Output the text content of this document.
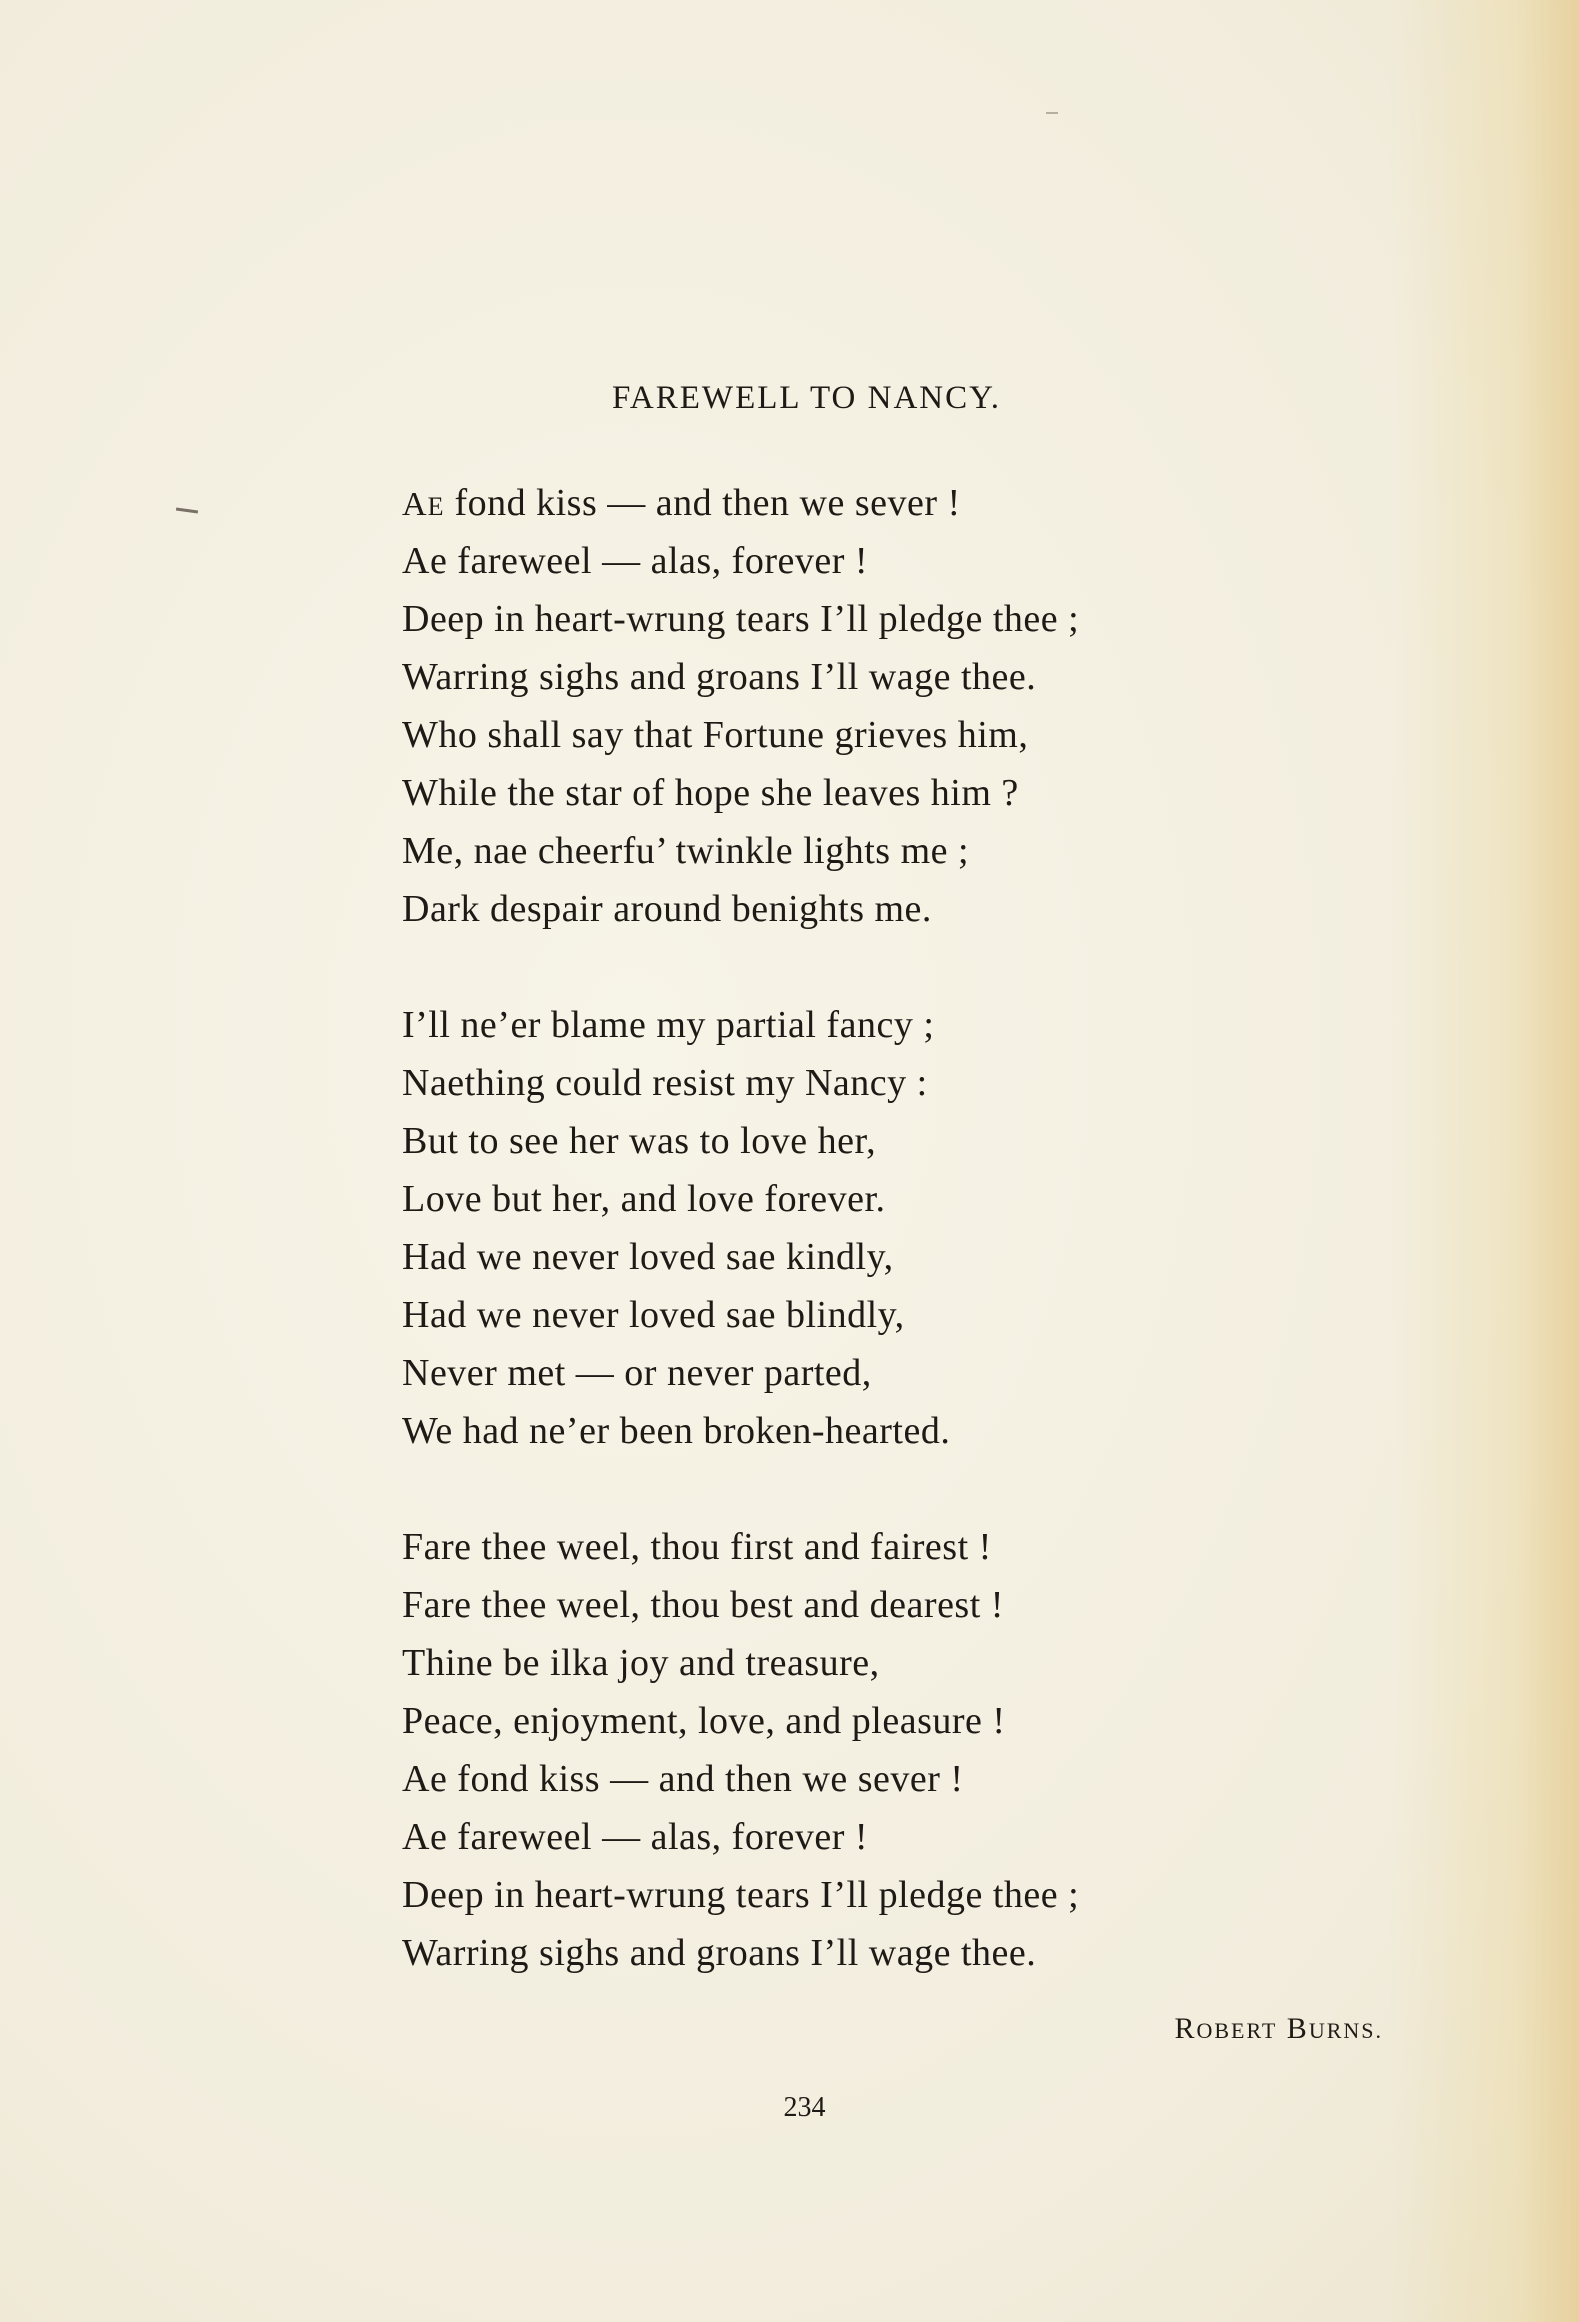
FAREWELL TO NANCY.
AE fond kiss — and then we sever !
Ae fareweel — alas, forever !
Deep in heart-wrung tears I’ll pledge thee ;
Warring sighs and groans I’ll wage thee.
Who shall say that Fortune grieves him,
While the star of hope she leaves him ?
Me, nae cheerfu’ twinkle lights me ;
Dark despair around benights me.
I’ll ne’er blame my partial fancy ;
Naething could resist my Nancy :
But to see her was to love her,
Love but her, and love forever.
Had we never loved sae kindly,
Had we never loved sae blindly,
Never met — or never parted,
We had ne’er been broken-hearted.
Fare thee weel, thou first and fairest !
Fare thee weel, thou best and dearest !
Thine be ilka joy and treasure,
Peace, enjoyment, love, and pleasure !
Ae fond kiss — and then we sever !
Ae fareweel — alas, forever !
Deep in heart-wrung tears I’ll pledge thee ;
Warring sighs and groans I’ll wage thee.
ROBERT BURNS.
234
